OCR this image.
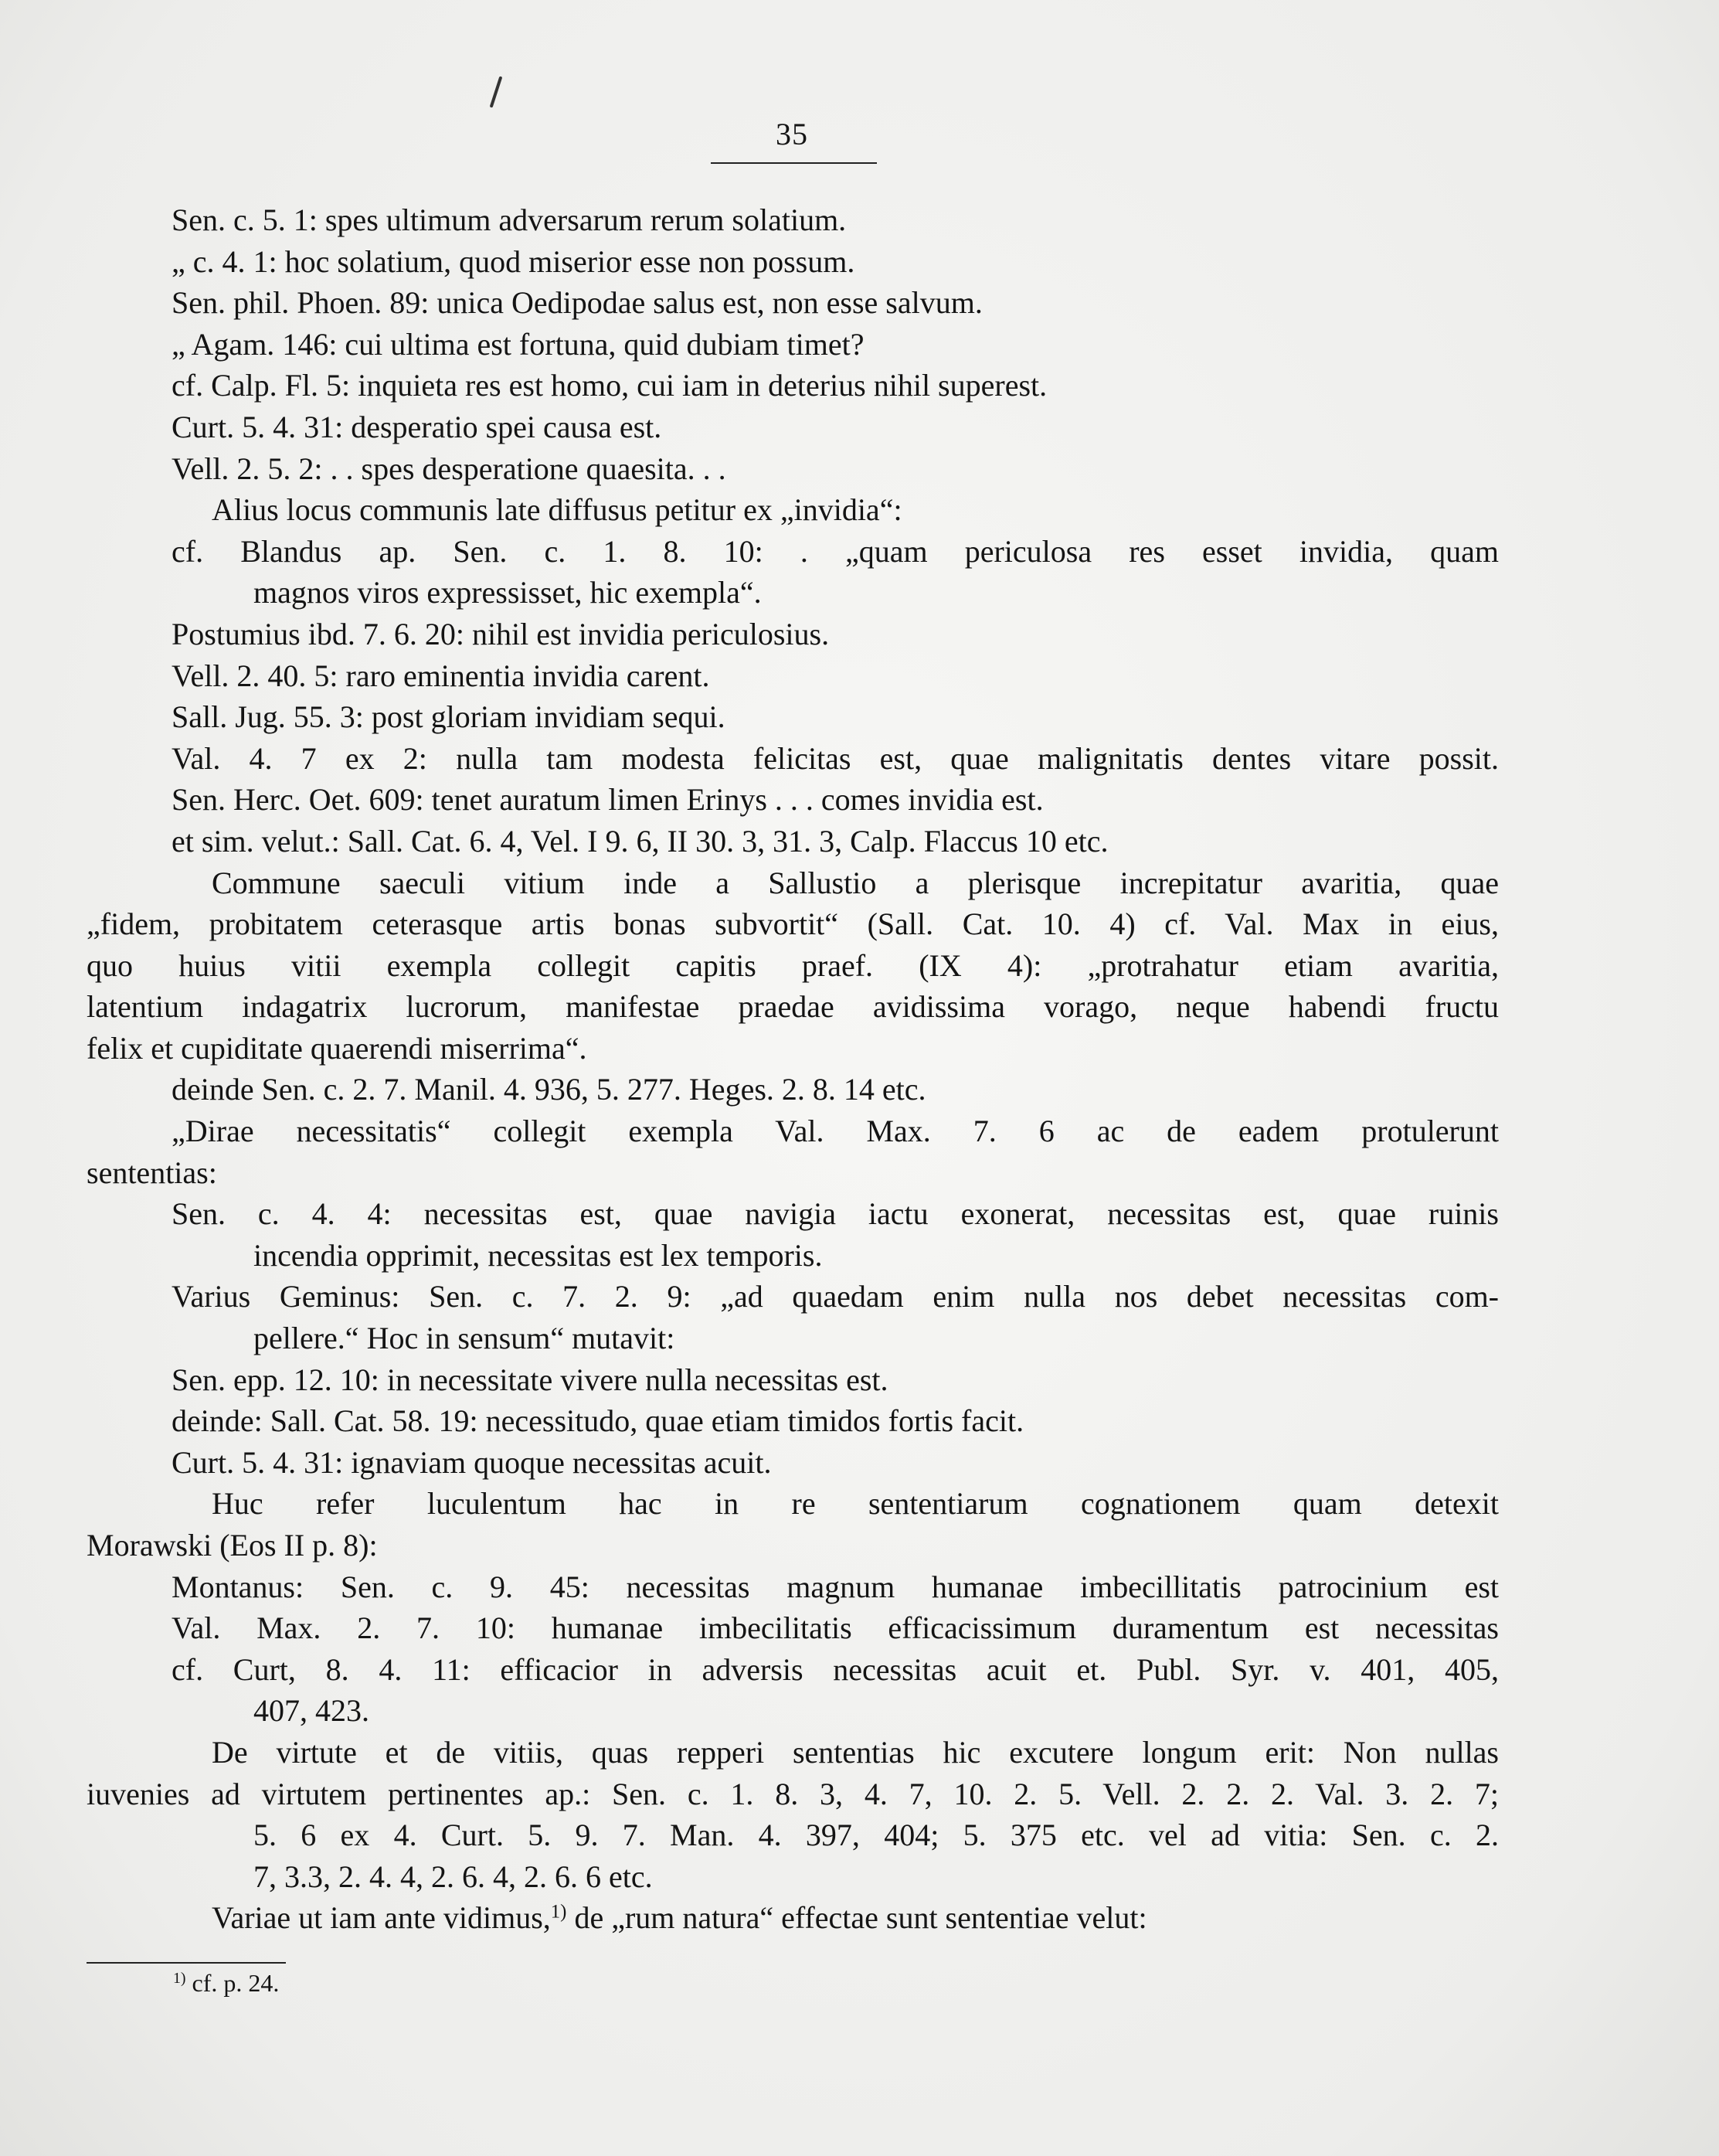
35
Sen. c. 5. 1: spes ultimum adversarum rerum solatium.
„ c. 4. 1: hoc solatium, quod miserior esse non possum.
Sen. phil. Phoen. 89: unica Oedipodae salus est, non esse salvum.
„ Agam. 146: cui ultima est fortuna, quid dubiam timet?
cf. Calp. Fl. 5: inquieta res est homo, cui iam in deterius nihil superest.
Curt. 5. 4. 31: desperatio spei causa est.
Vell. 2. 5. 2: . . spes desperatione quaesita. . .
Alius locus communis late diffusus petitur ex „invidia“:
cf. Blandus ap. Sen. c. 1. 8. 10: . „quam periculosa res esset invidia, quam
magnos viros expressisset, hic exempla“.
Postumius ibd. 7. 6. 20: nihil est invidia periculosius.
Vell. 2. 40. 5: raro eminentia invidia carent.
Sall. Jug. 55. 3: post gloriam invidiam sequi.
Val. 4. 7 ex 2: nulla tam modesta felicitas est, quae malignitatis dentes vitare possit.
Sen. Herc. Oet. 609: tenet auratum limen Erinys . . . comes invidia est.
et sim. velut.: Sall. Cat. 6. 4, Vel. I 9. 6, II 30. 3, 31. 3, Calp. Flaccus 10 etc.
Commune saeculi vitium inde a Sallustio a plerisque increpitatur avaritia, quae
„fidem, probitatem ceterasque artis bonas subvortit“ (Sall. Cat. 10. 4) cf. Val. Max in eius,
quo huius vitii exempla collegit capitis praef. (IX 4): „protrahatur etiam avaritia,
latentium indagatrix lucrorum, manifestae praedae avidissima vorago, neque habendi fructu
felix et cupiditate quaerendi miserrima“.
deinde Sen. c. 2. 7. Manil. 4. 936, 5. 277. Heges. 2. 8. 14 etc.
„Dirae necessitatis“ collegit exempla Val. Max. 7. 6 ac de eadem protulerunt
sententias:
Sen. c. 4. 4: necessitas est, quae navigia iactu exonerat, necessitas est, quae ruinis
incendia opprimit, necessitas est lex temporis.
Varius Geminus: Sen. c. 7. 2. 9: „ad quaedam enim nulla nos debet necessitas com-
pellere.“ Hoc in sensum“ mutavit:
Sen. epp. 12. 10: in necessitate vivere nulla necessitas est.
deinde: Sall. Cat. 58. 19: necessitudo, quae etiam timidos fortis facit.
Curt. 5. 4. 31: ignaviam quoque necessitas acuit.
Huc refer luculentum hac in re sententiarum cognationem quam detexit
Morawski (Eos II p. 8):
Montanus: Sen. c. 9. 45: necessitas magnum humanae imbecillitatis patrocinium est
Val. Max. 2. 7. 10: humanae imbecilitatis efficacissimum duramentum est necessitas
cf. Curt, 8. 4. 11: efficacior in adversis necessitas acuit et. Publ. Syr. v. 401, 405,
407, 423.
De virtute et de vitiis, quas repperi sententias hic excutere longum erit: Non nullas
iuvenies ad virtutem pertinentes ap.: Sen. c. 1. 8. 3, 4. 7, 10. 2. 5. Vell. 2. 2. 2. Val. 3. 2. 7;
5. 6 ex 4. Curt. 5. 9. 7. Man. 4. 397, 404; 5. 375 etc. vel ad vitia: Sen. c. 2.
7, 3.3, 2. 4. 4, 2. 6. 4, 2. 6. 6 etc.
Variae ut iam ante vidimus,$^{1)}$ de „rum natura“ effectae sunt sententiae velut:
$^{1)}$ cf. p. 24.
